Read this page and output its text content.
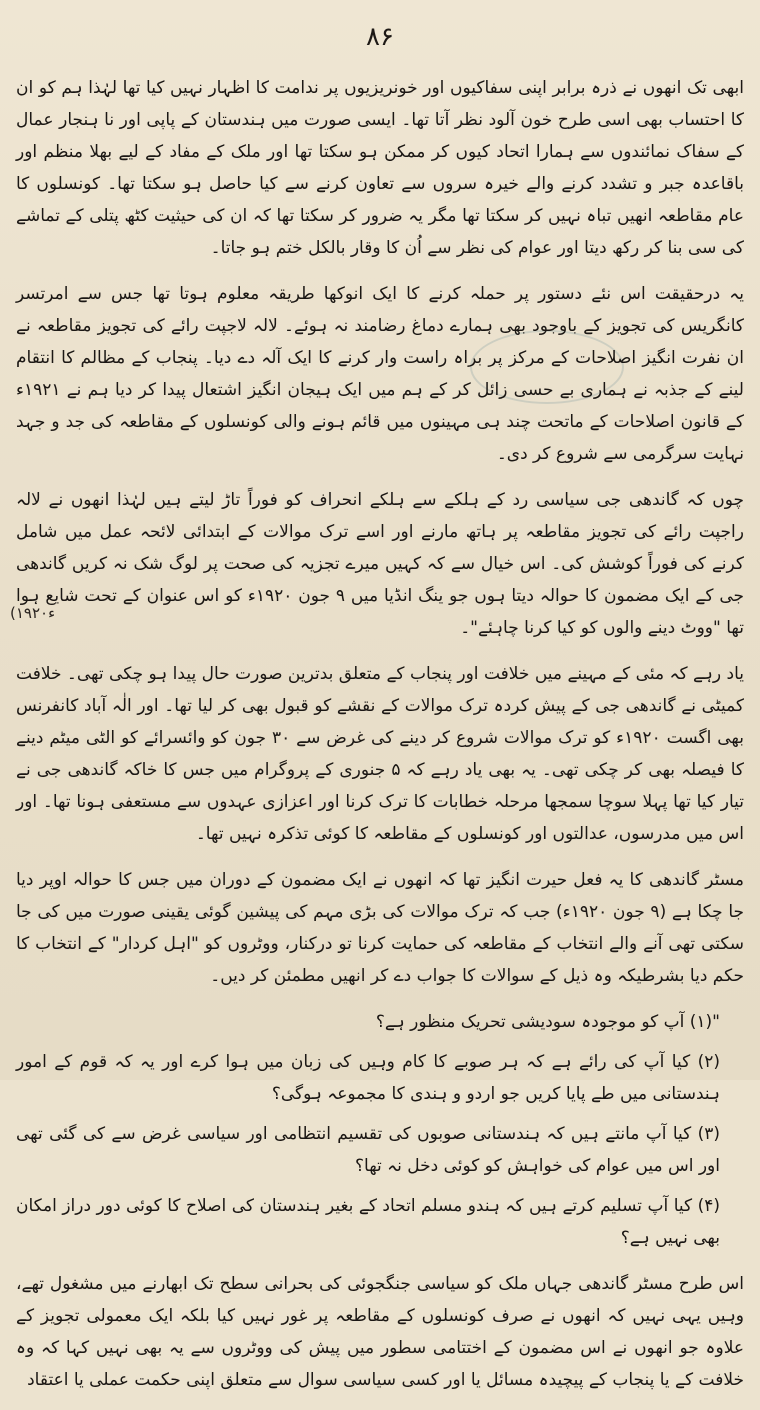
۸۶
(۱۹۲۰ء

ابھی تک انھوں نے ذرہ برابر اپنی سفاکیوں اور خونریزیوں پر ندامت کا اظہار نہیں کیا تھا لہٰذا ہم کو ان کا احتساب بھی اسی طرح خون آلود نظر آتا تھا۔ ایسی صورت میں ہندستان کے پاپی اور نا ہنجار عمال کے سفاک نمائندوں سے ہمارا اتحاد کیوں کر ممکن ہو سکتا تھا اور ملک کے مفاد کے لیے بھلا منظم اور باقاعدہ جبر و تشدد کرنے والے خیرہ سروں سے تعاون کرنے سے کیا حاصل ہو سکتا تھا۔ کونسلوں کا عام مقاطعہ انھیں تباہ نہیں کر سکتا تھا مگر یہ ضرور کر سکتا تھا کہ ان کی حیثیت کٹھ پتلی کے تماشے کی سی بنا کر رکھ دیتا اور عوام کی نظر سے اُن کا وقار بالکل ختم ہو جاتا۔

یہ درحقیقت اس نئے دستور پر حملہ کرنے کا ایک انوکھا طریقہ معلوم ہوتا تھا جس سے امرتسر کانگریس کی تجویز کے باوجود بھی ہمارے دماغ رضامند نہ ہوئے۔ لالہ لاجپت رائے کی تجویز مقاطعہ نے ان نفرت انگیز اصلاحات کے مرکز پر براہ راست وار کرنے کا ایک آلہ دے دیا۔ پنجاب کے مظالم کا انتقام لینے کے جذبہ نے ہماری بے حسی زائل کر کے ہم میں ایک ہیجان انگیز اشتعال پیدا کر دیا ہم نے ۱۹۲۱ء کے قانون اصلاحات کے ماتحت چند ہی مہینوں میں قائم ہونے والی کونسلوں کے مقاطعہ کی جد و جہد نہایت سرگرمی سے شروع کر دی۔

چوں کہ گاندھی جی سیاسی رد کے ہلکے سے ہلکے انحراف کو فوراً تاڑ لیتے ہیں لہٰذا انھوں نے لالہ راجپت رائے کی تجویز مقاطعہ پر ہاتھ مارنے اور اسے ترک موالات کے ابتدائی لائحہ عمل میں شامل کرنے کی فوراً کوشش کی۔ اس خیال سے کہ کہیں میرے تجزیہ کی صحت پر لوگ شک نہ کریں گاندھی جی کے ایک مضمون کا حوالہ دیتا ہوں جو ینگ انڈیا میں ۹ جون ۱۹۲۰ء کو اس عنوان کے تحت شایع ہوا تھا "ووٹ دینے والوں کو کیا کرنا چاہئے"۔

یاد رہے کہ مئی کے مہینے میں خلافت اور پنجاب کے متعلق بدترین صورت حال پیدا ہو چکی تھی۔ خلافت کمیٹی نے گاندھی جی کے پیش کردہ ترک موالات کے نقشے کو قبول بھی کر لیا تھا۔ اور الٰہ آباد کانفرنس بھی اگست ۱۹۲۰ء کو ترک موالات شروع کر دینے کی غرض سے ۳۰ جون کو وائسرائے کو الٹی میٹم دینے کا فیصلہ بھی کر چکی تھی۔ یہ بھی یاد رہے کہ ۵ جنوری کے پروگرام میں جس کا خاکہ گاندھی جی نے تیار کیا تھا پہلا سوچا سمجھا مرحلہ خطابات کا ترک کرنا اور اعزازی عہدوں سے مستعفی ہونا تھا۔ اور اس میں مدرسوں، عدالتوں اور کونسلوں کے مقاطعہ کا کوئی تذکرہ نہیں تھا۔

مسٹر گاندھی کا یہ فعل حیرت انگیز تھا کہ انھوں نے ایک مضمون کے دوران میں جس کا حوالہ اوپر دیا جا چکا ہے (۹ جون ۱۹۲۰ء) جب کہ ترک موالات کی بڑی مہم کی پیشین گوئی یقینی صورت میں کی جا سکتی تھی آنے والے انتخاب کے مقاطعہ کی حمایت کرنا تو درکنار، ووٹروں کو "اہل کردار" کے انتخاب کا حکم دیا بشرطیکہ وہ ذیل کے سوالات کا جواب دے کر انھیں مطمئن کر دیں۔

"(۱) آپ کو موجودہ سودیشی تحریک منظور ہے؟

(۲) کیا آپ کی رائے ہے کہ ہر صوبے کا کام وہیں کی زبان میں ہوا کرے اور یہ کہ قوم کے امور ہندستانی میں طے پایا کریں جو اردو و ہندی کا مجموعہ ہوگی؟

(۳) کیا آپ مانتے ہیں کہ ہندستانی صوبوں کی تقسیم انتظامی اور سیاسی غرض سے کی گئی تھی اور اس میں عوام کی خواہش کو کوئی دخل نہ تھا؟

(۴) کیا آپ تسلیم کرتے ہیں کہ ہندو مسلم اتحاد کے بغیر ہندستان کی اصلاح کا کوئی دور دراز امکان بھی نہیں ہے؟

اس طرح مسٹر گاندھی جہاں ملک کو سیاسی جنگجوئی کی بحرانی سطح تک ابھارنے میں مشغول تھے، وہیں یہی نہیں کہ انھوں نے صرف کونسلوں کے مقاطعہ پر غور نہیں کیا بلکہ ایک معمولی تجویز کے علاوہ جو انھوں نے اس مضمون کے اختتامی سطور میں پیش کی ووٹروں سے یہ بھی نہیں کہا کہ وہ خلافت کے یا پنجاب کے پیچیدہ مسائل یا اور کسی سیاسی سوال سے متعلق اپنی حکمت عملی یا اعتقاد
